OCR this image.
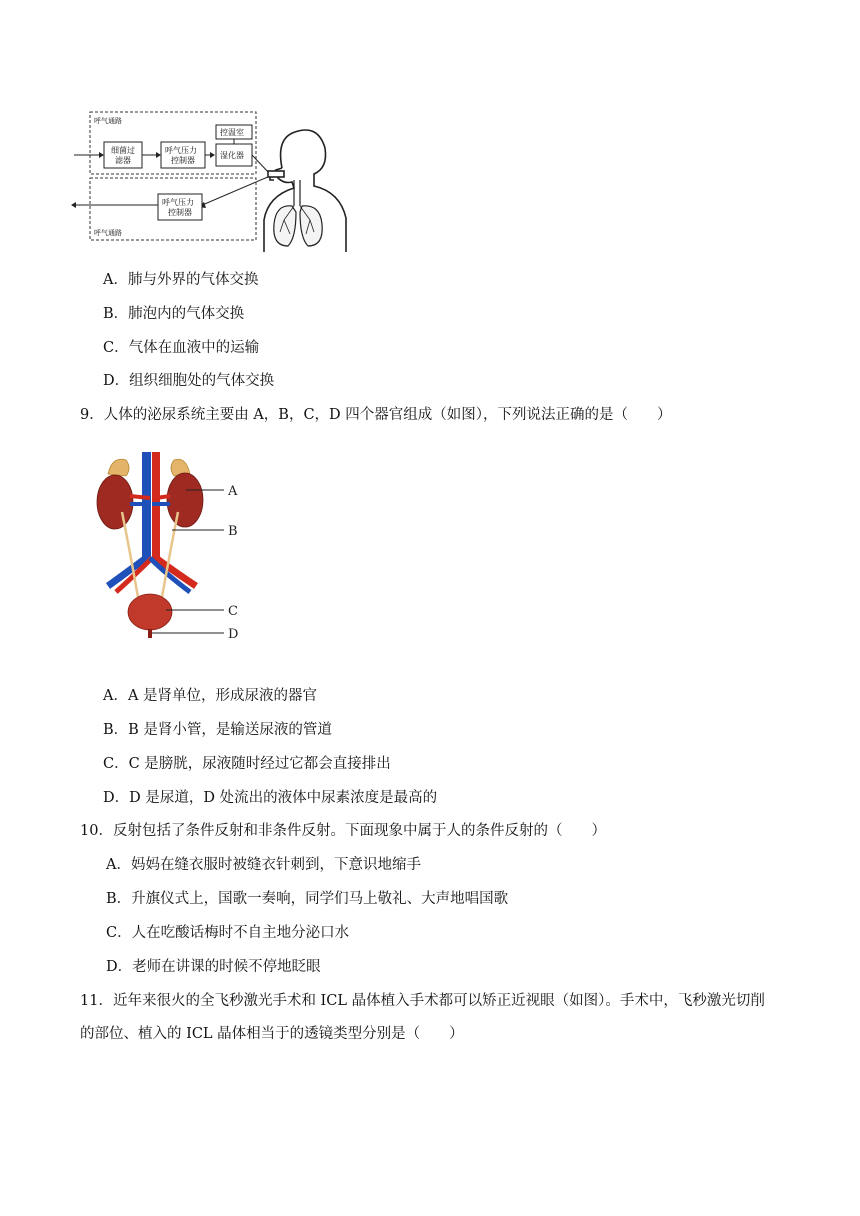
呼气通路
呼气通路
细菌过
滤器
呼气压力
控制器
控温室
湿化器
呼气压力
控制器
A．肺与外界的气体交换
B．肺泡内的气体交换
C．气体在血液中的运输
D．组织细胞处的气体交换
9．人体的泌尿系统主要由 A，B，C，D 四个器官组成（如图），下列说法正确的是（　　）
A
B
C
D
A．A 是肾单位，形成尿液的器官
B．B 是肾小管，是输送尿液的管道
C．C 是膀胱，尿液随时经过它都会直接排出
D．D 是尿道，D 处流出的液体中尿素浓度是最高的
10．反射包括了条件反射和非条件反射。下面现象中属于人的条件反射的（　　）
A．妈妈在缝衣服时被缝衣针刺到，下意识地缩手
B．升旗仪式上，国歌一奏响，同学们马上敬礼、大声地唱国歌
C．人在吃酸话梅时不自主地分泌口水
D．老师在讲课的时候不停地眨眼
11．近年来很火的全飞秒激光手术和 ICL 晶体植入手术都可以矫正近视眼（如图）。手术中，飞秒激光切削
的部位、植入的 ICL 晶体相当于的透镜类型分别是（　　）
